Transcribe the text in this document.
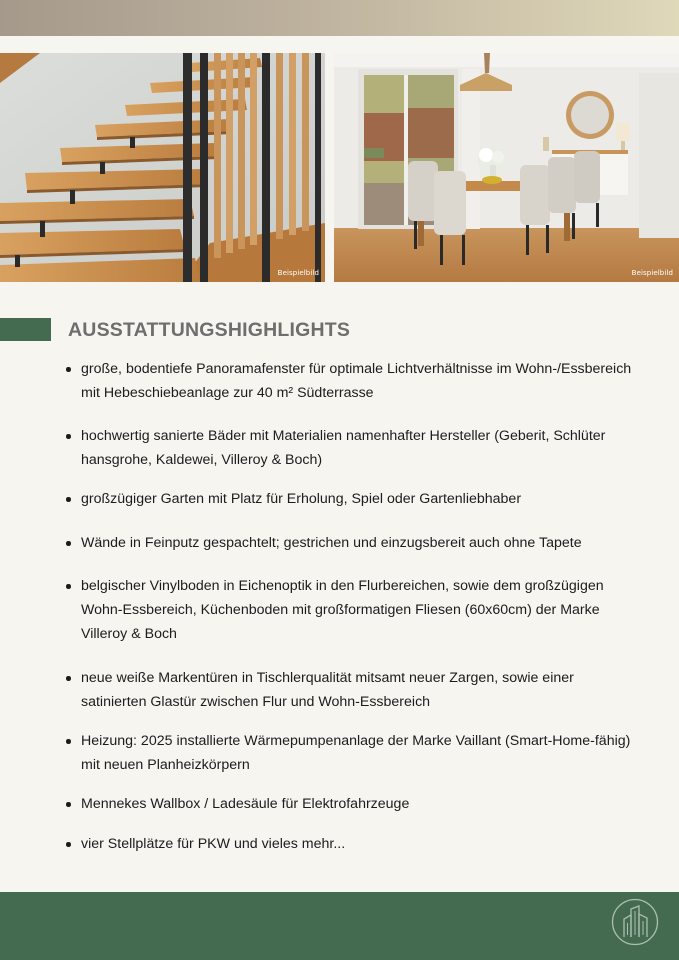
Beispielbild	Beispielbild
AUSSTATTUNGSHIGHLIGHTS
große, bodentiefe Panoramafenster für optimale Lichtverhältnisse im Wohn-/Essbereich mit Hebeschiebeanlage zur 40 m² Südterrasse
hochwertig sanierte Bäder mit Materialien namenhafter Hersteller (Geberit, Schlüter hansgrohe, Kaldewei, Villeroy & Boch)
großzügiger Garten mit Platz für Erholung, Spiel oder Gartenliebhaber
Wände in Feinputz gespachtelt; gestrichen und einzugsbereit auch ohne Tapete
belgischer Vinylboden in Eichenoptik in den Flurbereichen, sowie dem großzügigen Wohn-Essbereich, Küchenboden mit großformatigen Fliesen (60x60cm) der Marke Villeroy & Boch
neue weiße Markentüren in Tischlerqualität mitsamt neuer Zargen, sowie einer satinierten Glastür zwischen Flur und Wohn-Essbereich
Heizung: 2025 installierte Wärmepumpenanlage der Marke Vaillant (Smart-Home-fähig) mit neuen Planheizkörpern
Mennekes Wallbox / Ladesäule für Elektrofahrzeuge
vier Stellplätze für PKW und vieles mehr...
